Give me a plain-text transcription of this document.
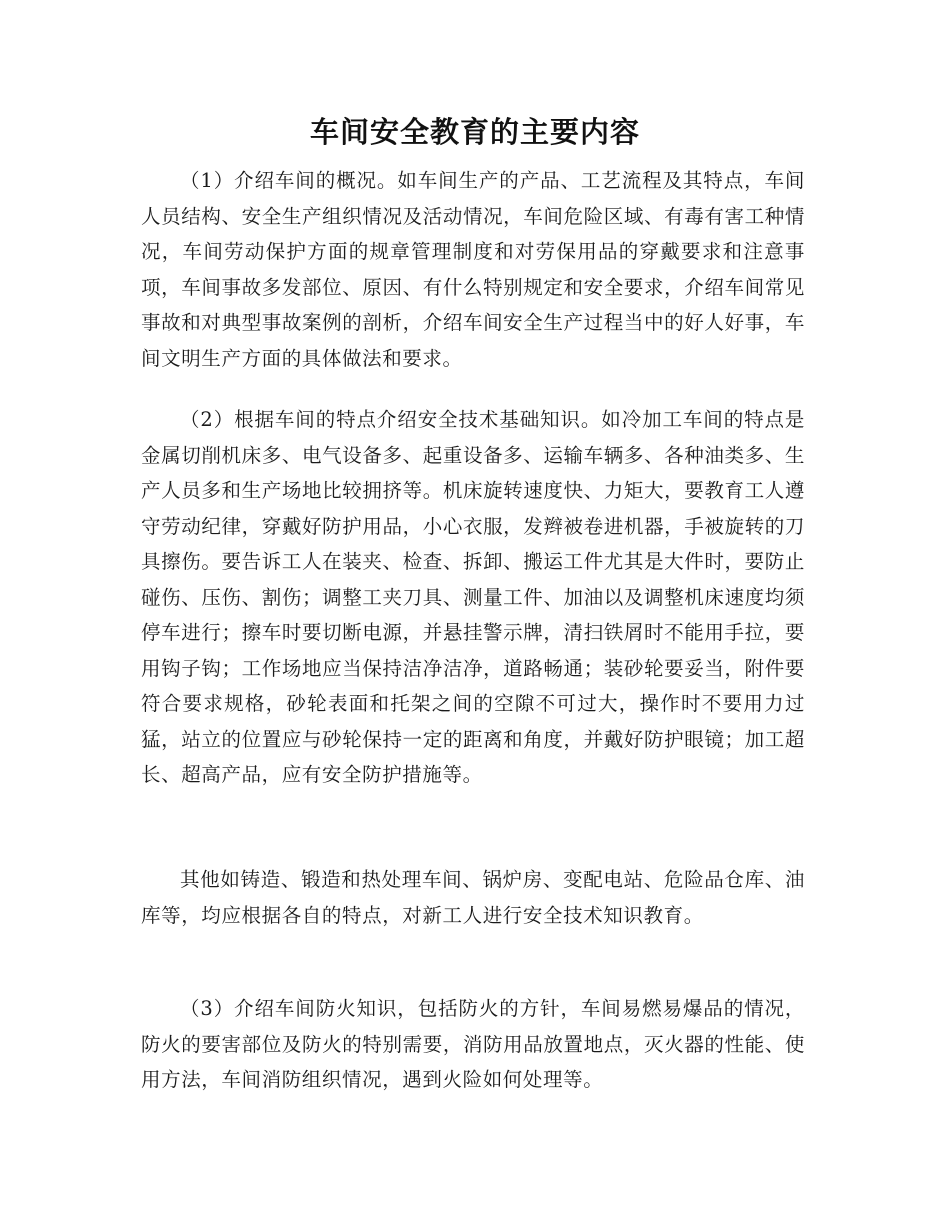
车间安全教育的主要内容

（1）介绍车间的概况。如车间生产的产品、工艺流程及其特点，车间人员结构、安全生产组织情况及活动情况，车间危险区域、有毒有害工种情况，车间劳动保护方面的规章管理制度和对劳保用品的穿戴要求和注意事项，车间事故多发部位、原因、有什么特别规定和安全要求，介绍车间常见事故和对典型事故案例的剖析，介绍车间安全生产过程当中的好人好事，车间文明生产方面的具体做法和要求。

（2）根据车间的特点介绍安全技术基础知识。如冷加工车间的特点是金属切削机床多、电气设备多、起重设备多、运输车辆多、各种油类多、生产人员多和生产场地比较拥挤等。机床旋转速度快、力矩大，要教育工人遵守劳动纪律，穿戴好防护用品，小心衣服，发辫被卷进机器，手被旋转的刀具擦伤。要告诉工人在装夹、检查、拆卸、搬运工件尤其是大件时，要防止碰伤、压伤、割伤；调整工夹刀具、测量工件、加油以及调整机床速度均须停车进行；擦车时要切断电源，并悬挂警示牌，清扫铁屑时不能用手拉，要用钩子钩；工作场地应当保持洁净洁净，道路畅通；装砂轮要妥当，附件要符合要求规格，砂轮表面和托架之间的空隙不可过大，操作时不要用力过猛，站立的位置应与砂轮保持一定的距离和角度，并戴好防护眼镜；加工超长、超高产品，应有安全防护措施等。

其他如铸造、锻造和热处理车间、锅炉房、变配电站、危险品仓库、油库等，均应根据各自的特点，对新工人进行安全技术知识教育。

（3）介绍车间防火知识，包括防火的方针，车间易燃易爆品的情况，防火的要害部位及防火的特别需要，消防用品放置地点，灭火器的性能、使用方法，车间消防组织情况，遇到火险如何处理等。
